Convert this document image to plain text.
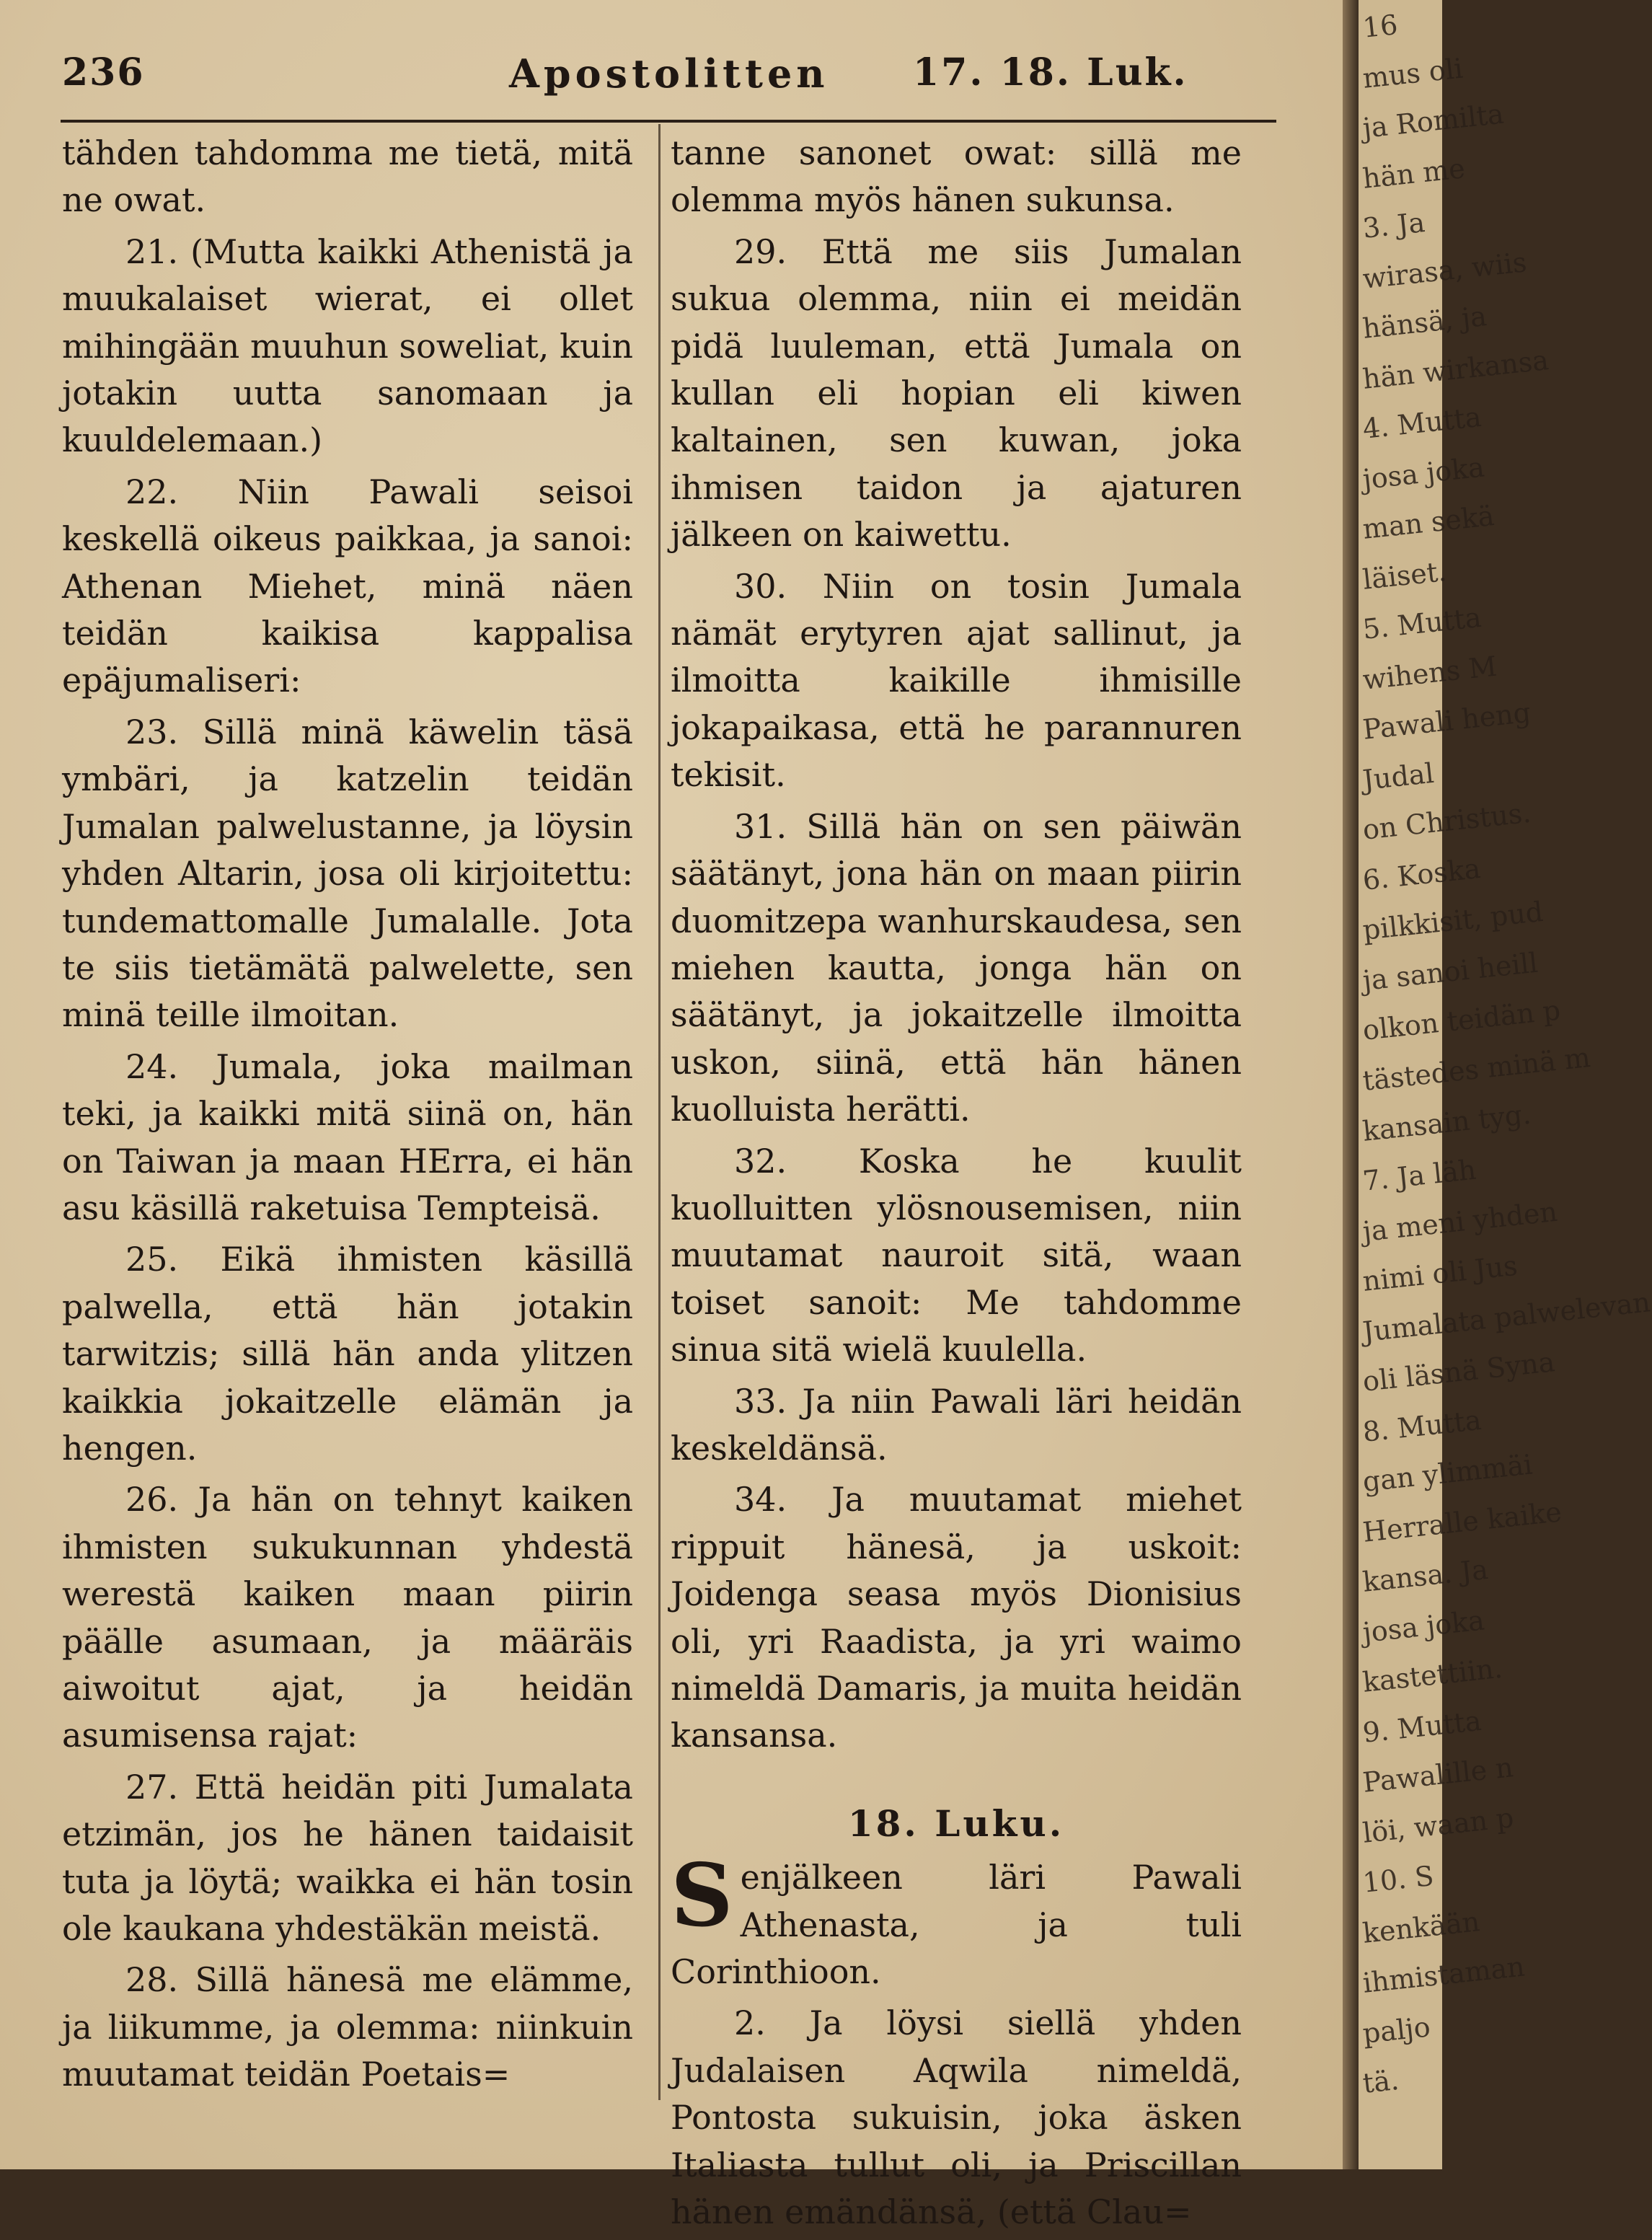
236	Apostolitten 17. 18. Luk.

tähden tahdomma me tietä, mitä ne owat.

21. (Mutta kaikki Athenistä ja muukalaiset wierat, ei ollet mihingään muuhun soweliat, kuin jotakin uutta sanomaan ja kuuldelemaan.)

22. Niin Pawali seisoi keskellä oikeus paikkaa, ja sanoi: Athenan Miehet, minä näen teidän kaikisa kappalisa epäjumaliseri:

23. Sillä minä käwelin täsä ymbäri, ja katzelin teidän Jumalan palwelustanne, ja löysin yhden Altarin, josa oli kirjoitettu: tundemattomalle Jumalalle. Jota te siis tietämätä palwelette, sen minä teille ilmoitan.

24. Jumala, joka mailman teki, ja kaikki mitä siinä on, hän on Taiwan ja maan HErra, ei hän asu käsillä raketuisa Tempteisä.

25. Eikä ihmisten käsillä palwella, että hän jotakin tarwitzis; sillä hän anda ylitzen kaikkia jokaitzelle elämän ja hengen.

26. Ja hän on tehnyt kaiken ihmisten sukukunnan yhdestä werestä kaiken maan piirin päälle asumaan, ja määräis aiwoitut ajat, ja heidän asumisensa rajat:

27. Että heidän piti Jumalata etzimän, jos he hänen taidaisit tuta ja löytä; waikka ei hän tosin ole kaukana yhdestäkän meistä.

28. Sillä hänesä me elämme, ja liikumme, ja olemma: niinkuin muutamat teidän Poetais=

tanne sanonet owat: sillä me olemma myös hänen sukunsa.

29. Että me siis Jumalan sukua olemma, niin ei meidän pidä luuleman, että Jumala on kullan eli hopian eli kiwen kaltainen, sen kuwan, joka ihmisen taidon ja ajaturen jälkeen on kaiwettu.

30. Niin on tosin Jumala nämät erytyren ajat sallinut, ja ilmoitta kaikille ihmisille jokapaikasa, että he parannuren tekisit.

31. Sillä hän on sen päiwän säätänyt, jona hän on maan piirin duomitzepa wanhurskaudesa, sen miehen kautta, jonga hän on säätänyt, ja jokaitzelle ilmoitta uskon, siinä, että hän hänen kuolluista herätti.

32. Koska he kuulit kuolluitten ylösnousemisen, niin muutamat nauroit sitä, waan toiset sanoit: Me tahdomme sinua sitä wielä kuulella.

33. Ja niin Pawali läri heidän keskeldänsä.

34. Ja muutamat miehet rippuit hänesä, ja uskoit: Joidenga seasa myös Dionisius oli, yri Raadista, ja yri waimo nimeldä Damaris, ja muita heidän kansansa.

18. Luku.

Senjälkeen läri Pawali Athenasta, ja tuli Corinthioon.

2. Ja löysi siellä yhden Judalaisen Aqwila nimeldä, Pontosta sukuisin, joka äsken Italiasta tullut oli, ja Priscillan hänen emändänsä, (että Clau=

16
mus oli
ja Romilta
hän me
3. Ja
wirasa, wiis
hänsä, ja
hän wirkansa
4. Mutta
josa joka
man sekä
läiset.
5. Mutta
wihens M
Pawali heng
Judal
on Christus.
6. Koska
pilkkisit, pud
ja sanoi heill
olkon teidän p
tästedes minä m
kansain tyg.
7. Ja läh
ja meni yhden
nimi oli Jus
Jumalata palwelevan
oli läsnä Syna
8. Mutta
gan ylimmäi
Herralle kaike
kansa. Ja
josa joka
kastettiin.
9. Mutta
Pawalille n
löi, waan p
10. S
kenkään
ihmistaman
paljo
tä.
